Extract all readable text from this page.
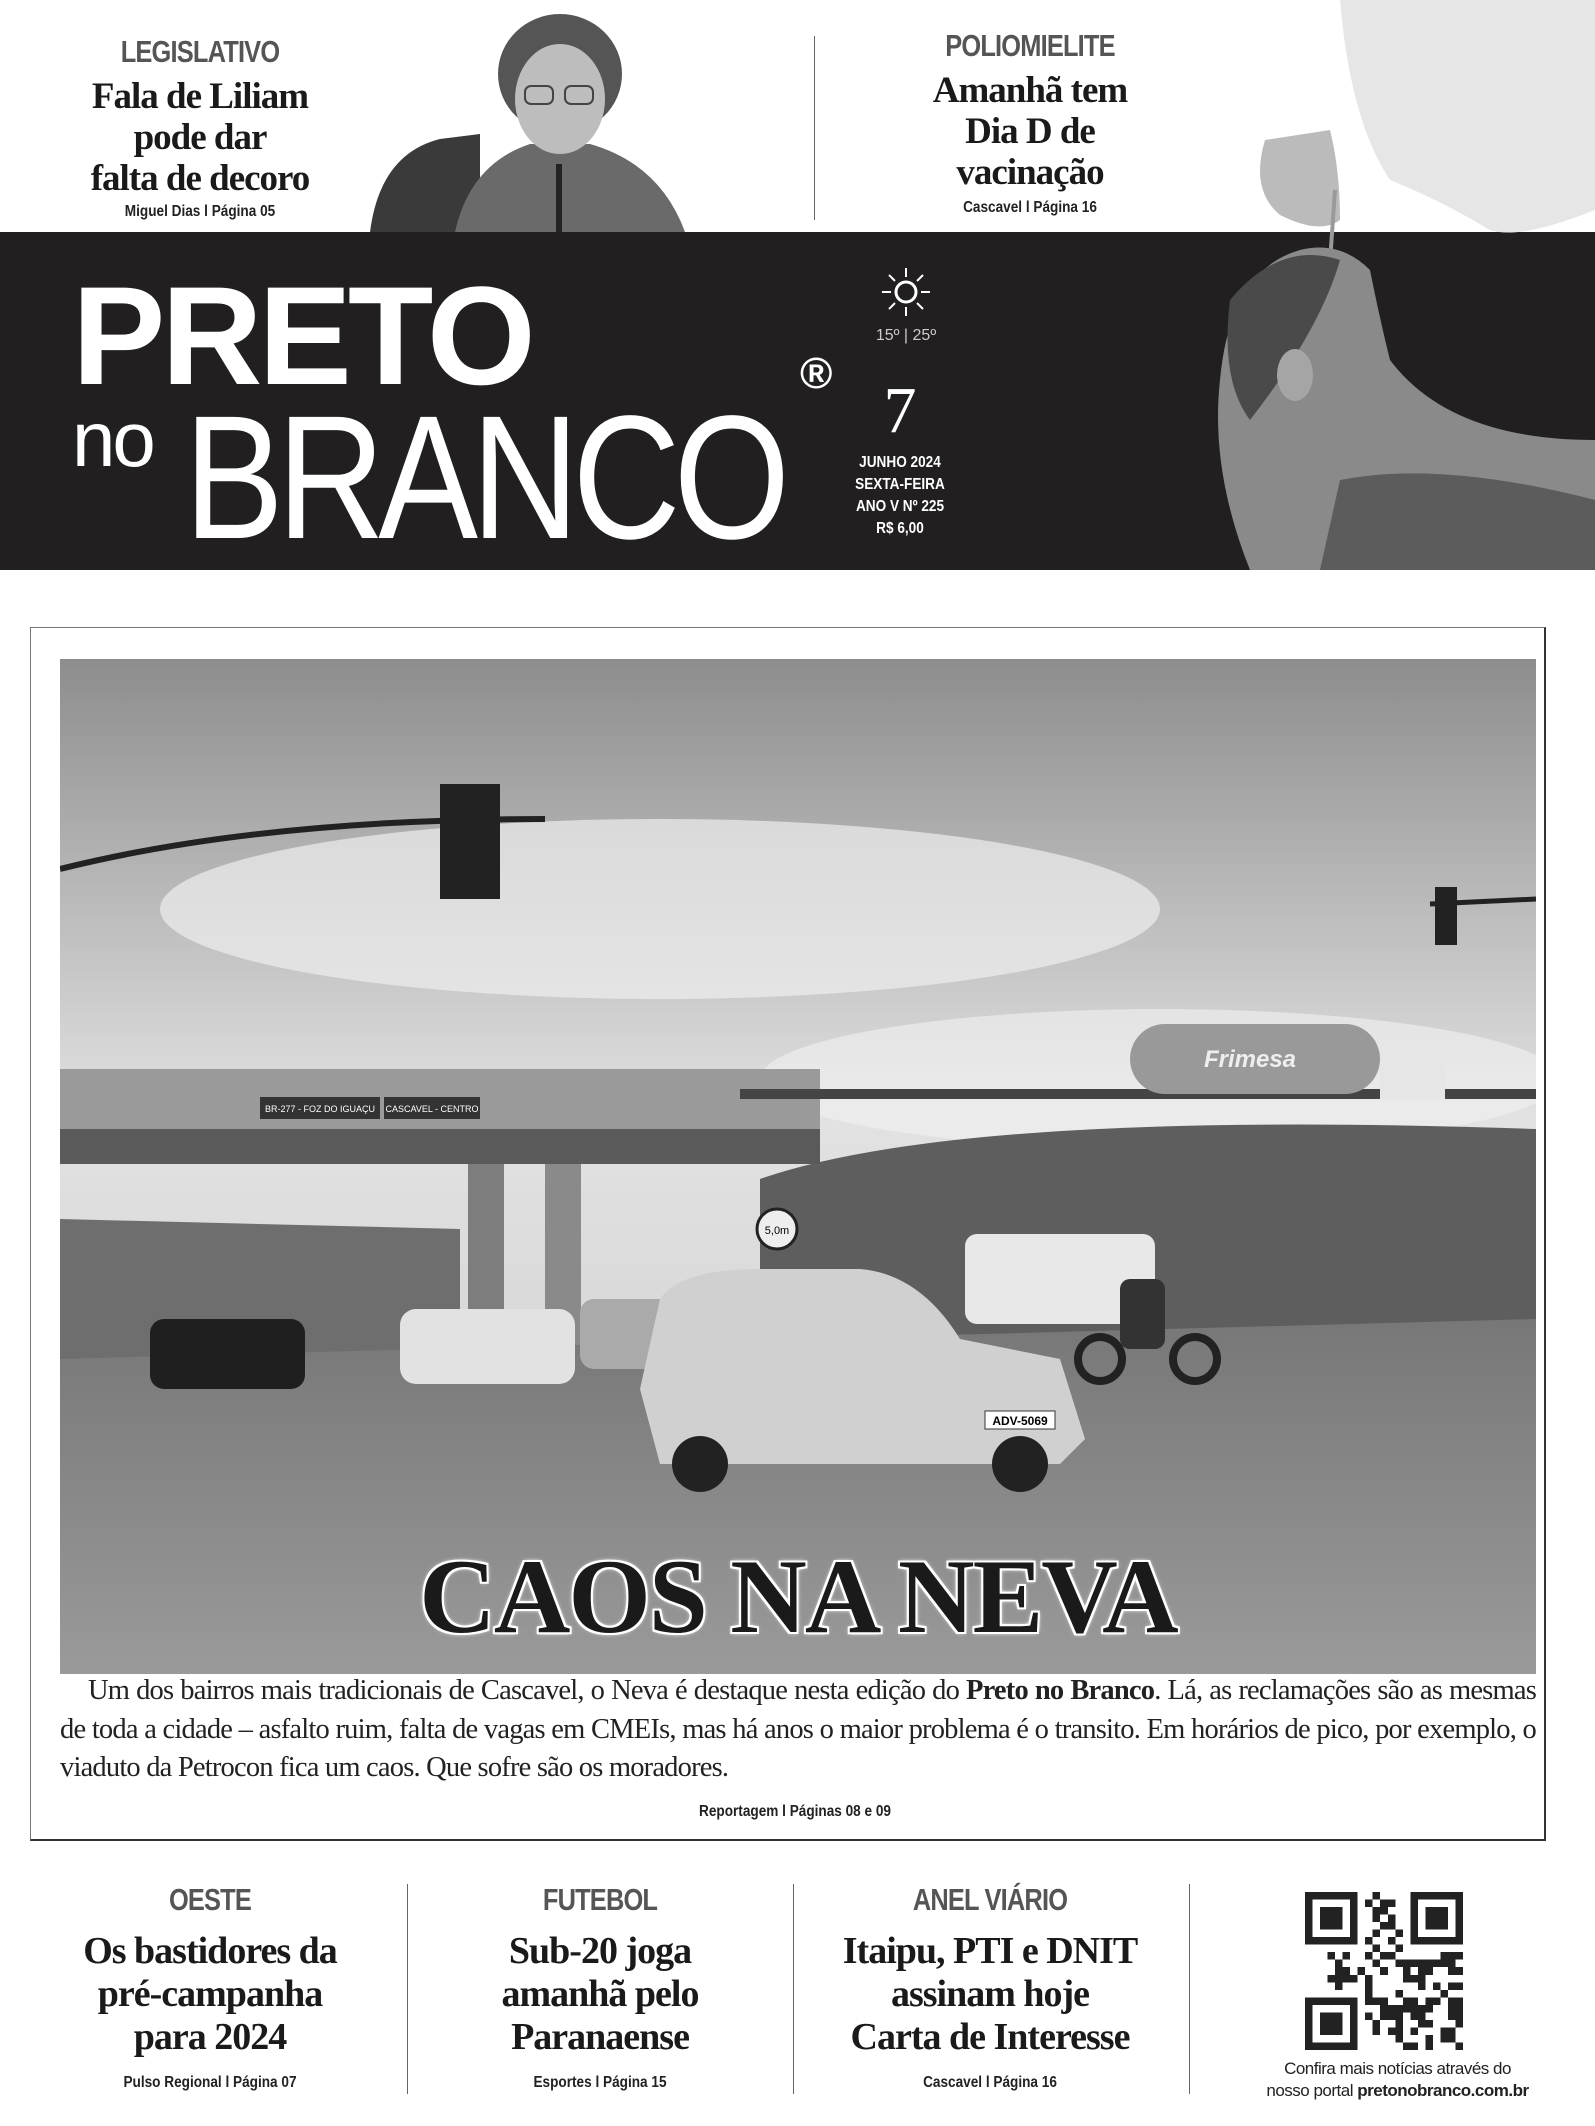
LEGISLATIVO
Fala de Liliam
pode dar
falta de decoro
Miguel Dias l Página 05
POLIOMIELITE
Amanhã tem
Dia D de
vacinação
Cascavel l Página 16
PRETO
no BRANCO
®
15º | 25º
7
JUNHO 2024
SEXTA-FEIRA
ANO V Nº 225
R$ 6,00
BR-277 - FOZ DO IGUAÇU CASCAVEL - CENTRO
Frimesa
5,0m
ADV-5069
CAOS NA NEVA

Um dos bairros mais tradicionais de Cascavel, o Neva é destaque nesta edição do Preto no Branco. Lá, as reclamações são as mesmas de toda a cidade – asfalto ruim, falta de vagas em CMEIs, mas há anos o maior problema é o transito. Em horários de pico, por exemplo, o viaduto da Petrocon fica um caos. Que sofre são os moradores.

Reportagem l Páginas 08 e 09
OESTE
Os bastidores da
pré-campanha
para 2024
Pulso Regional l Página 07
FUTEBOL
Sub-20 joga
amanhã pelo
Paranaense
Esportes l Página 15
ANEL VIÁRIO
Itaipu, PTI e DNIT
assinam hoje
Carta de Interesse
Cascavel l Página 16
Confira mais notícias através do
nosso portal pretonobranco.com.br
